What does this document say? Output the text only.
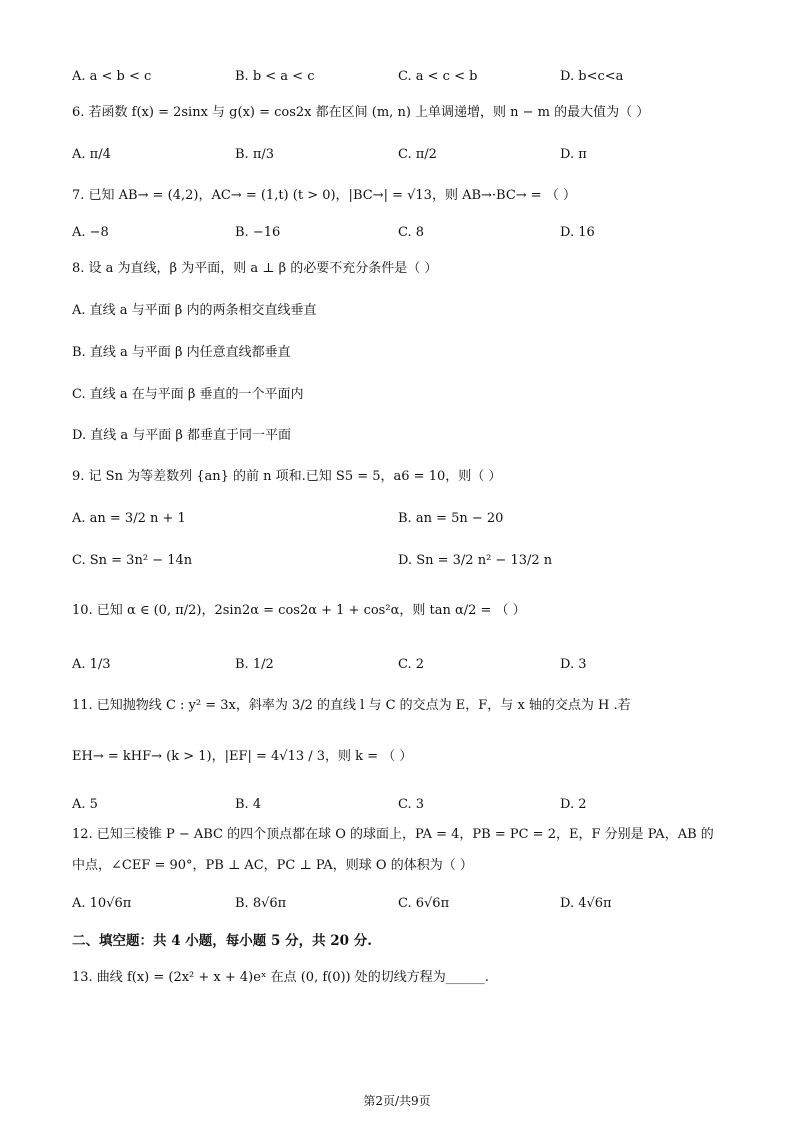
A. a < b < c	B. b < a < c	C. a < c < b	D. b<c<a
6. 若函数 f(x) = 2sinx 与 g(x) = cos2x 都在区间 (m, n) 上单调递增，则 n − m 的最大值为（ ）
A. π/4	B. π/3	C. π/2	D. π
7. 已知 AB→ = (4,2)，AC→ = (1,t) (t > 0)，|BC→| = √13，则 AB→·BC→ = （ ）
A. −8	B. −16	C. 8	D. 16
8. 设 a 为直线，β 为平面，则 a ⊥ β 的必要不充分条件是（ ）
A. 直线 a 与平面 β 内的两条相交直线垂直
B. 直线 a 与平面 β 内任意直线都垂直
C. 直线 a 在与平面 β 垂直的一个平面内
D. 直线 a 与平面 β 都垂直于同一平面
9. 记 Sn 为等差数列 {an} 的前 n 项和.已知 S5 = 5，a6 = 10，则（ ）
A. an = 3/2 n + 1	B. an = 5n − 20
C. Sn = 3n² − 14n	D. Sn = 3/2 n² − 13/2 n
10. 已知 α ∈ (0, π/2)，2sin2α = cos2α + 1 + cos²α，则 tan α/2 = （ ）
A. 1/3	B. 1/2	C. 2	D. 3
11. 已知抛物线 C : y² = 3x，斜率为 3/2 的直线 l 与 C 的交点为 E，F，与 x 轴的交点为 H .若
EH→ = kHF→ (k > 1)，|EF| = 4√13 / 3，则 k = （ ）
A. 5	B. 4	C. 3	D. 2
12. 已知三棱锥 P − ABC 的四个顶点都在球 O 的球面上，PA = 4，PB = PC = 2，E，F 分别是 PA，AB 的
中点，∠CEF = 90°，PB ⊥ AC，PC ⊥ PA，则球 O 的体积为（ ）
A. 10√6π	B. 8√6π	C. 6√6π	D. 4√6π
二、填空题：共 4 小题，每小题 5 分，共 20 分.
13. 曲线 f(x) = (2x² + x + 4)eˣ 在点 (0, f(0)) 处的切线方程为______.
第2页/共9页
